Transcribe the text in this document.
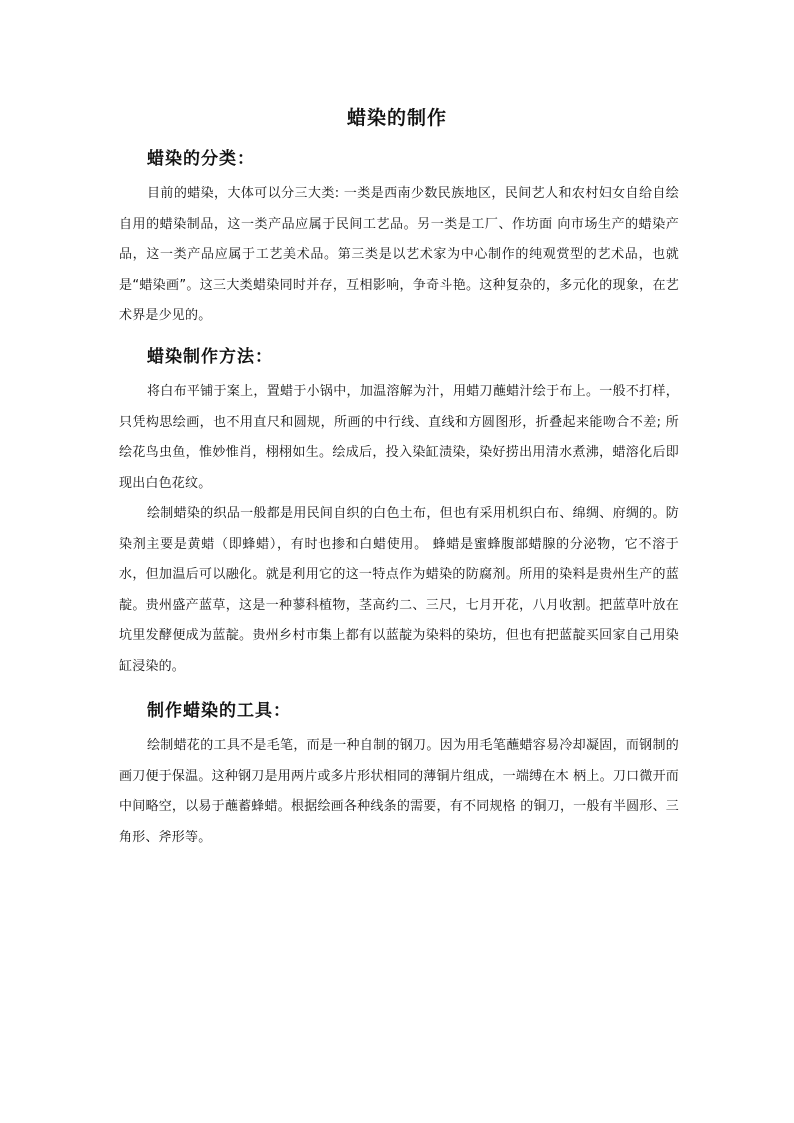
蜡染的制作
蜡染的分类：

目前的蜡染，大体可以分三大类: 一类是西南少数民族地区，民间艺人和农村妇女自给自绘自用的蜡染制品，这一类产品应属于民间工艺品。另一类是工厂、作坊面 向市场生产的蜡染产品，这一类产品应属于工艺美术品。第三类是以艺术家为中心制作的纯观赏型的艺术品，也就是“蜡染画”。这三大类蜡染同时并存，互相影响，争奇斗艳。这种复杂的，多元化的现象，在艺术界是少见的。

蜡染制作方法：

将白布平铺于案上，置蜡于小锅中，加温溶解为汁，用蜡刀蘸蜡汁绘于布上。一般不打样，只凭构思绘画，也不用直尺和圆规，所画的中行线、直线和方圆图形，折叠起来能吻合不差; 所绘花鸟虫鱼，惟妙惟肖，栩栩如生。绘成后，投入染缸渍染，染好捞出用清水煮沸，蜡溶化后即现出白色花纹。

绘制蜡染的织品一般都是用民间自织的白色土布，但也有采用机织白布、绵绸、府绸的。防染剂主要是黄蜡（即蜂蜡），有时也掺和白蜡使用。 蜂蜡是蜜蜂腹部蜡腺的分泌物，它不溶于水，但加温后可以融化。就是利用它的这一特点作为蜡染的防腐剂。所用的染料是贵州生产的蓝靛。贵州盛产蓝草，这是一种蓼科植物，茎高约二、三尺，七月开花，八月收割。把蓝草叶放在坑里发酵便成为蓝靛。贵州乡村市集上都有以蓝靛为染料的染坊，但也有把蓝靛买回家自己用染缸浸染的。

制作蜡染的工具：

绘制蜡花的工具不是毛笔，而是一种自制的钢刀。因为用毛笔蘸蜡容易冷却凝固，而钢制的画刀便于保温。这种钢刀是用两片或多片形状相同的薄铜片组成，一端缚在木 柄上。刀口微开而中间略空，以易于蘸蓄蜂蜡。根据绘画各种线条的需要，有不同规格 的铜刀，一般有半圆形、三角形、斧形等。
